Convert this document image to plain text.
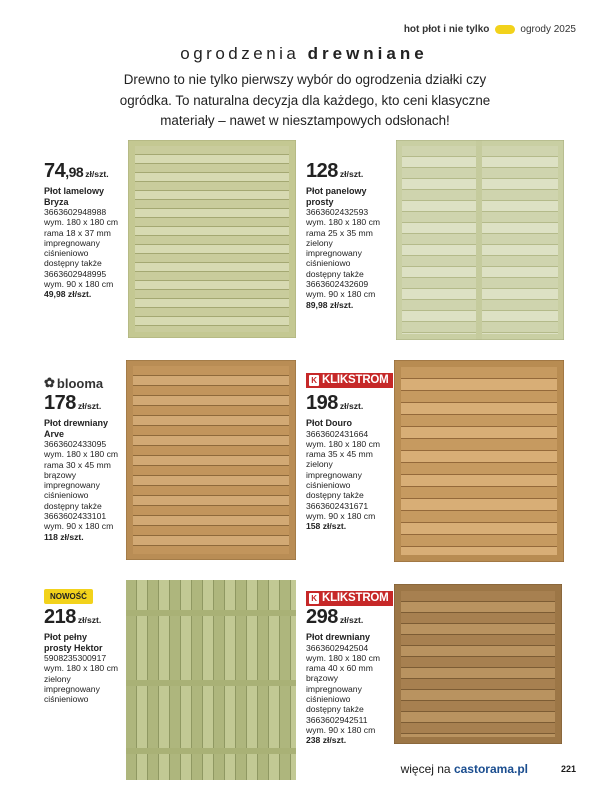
hot płot i nie tylko	ogrody 2025
ogrodzenia drewniane
Drewno to nie tylko pierwszy wybór do ogrodzenia działki czy
ogródka. To naturalna decyzja dla każdego, kto ceni klasyczne
materiały – nawet w niesztampowych odsłonach!
✿ blooma
K	KLIKSTROM
K KLIKSTROM
NOWOŚĆ
74,98 zł/szt.
Płot lamelowy
Bryza
3663602948988
wym. 180 x 180 cm
rama 18 x 37 mm
impregnowany
ciśnieniowo
dostępny także
3663602948995
wym. 90 x 180 cm
49,98 zł/szt.
128 zł/szt.
Płot panelowy
prosty
3663602432593
wym. 180 x 180 cm
rama 25 x 35 mm
zielony
impregnowany
ciśnieniowo
dostępny także
3663602432609
wym. 90 x 180 cm
89,98 zł/szt.
178 zł/szt.
Płot drewniany
Arve
3663602433095
wym. 180 x 180 cm
rama 30 x 45 mm
brązowy
impregnowany
ciśnieniowo
dostępny także
3663602433101
wym. 90 x 180 cm
118 zł/szt.
198 zł/szt.
Płot Douro
3663602431664
wym. 180 x 180 cm
rama 35 x 45 mm
zielony
impregnowany
ciśnieniowo
dostępny także
3663602431671
wym. 90 x 180 cm
158 zł/szt.
218 zł/szt.
Płot pełny
prosty Hektor
5908235300917
wym. 180 x 180 cm
zielony
impregnowany
ciśnieniowo
298 zł/szt.
Płot drewniany
3663602942504
wym. 180 x 180 cm
rama 40 x 60 mm
brązowy
impregnowany
ciśnieniowo
dostępny także
3663602942511
wym. 90 x 180 cm
238 zł/szt.
więcej na castorama.pl	221
